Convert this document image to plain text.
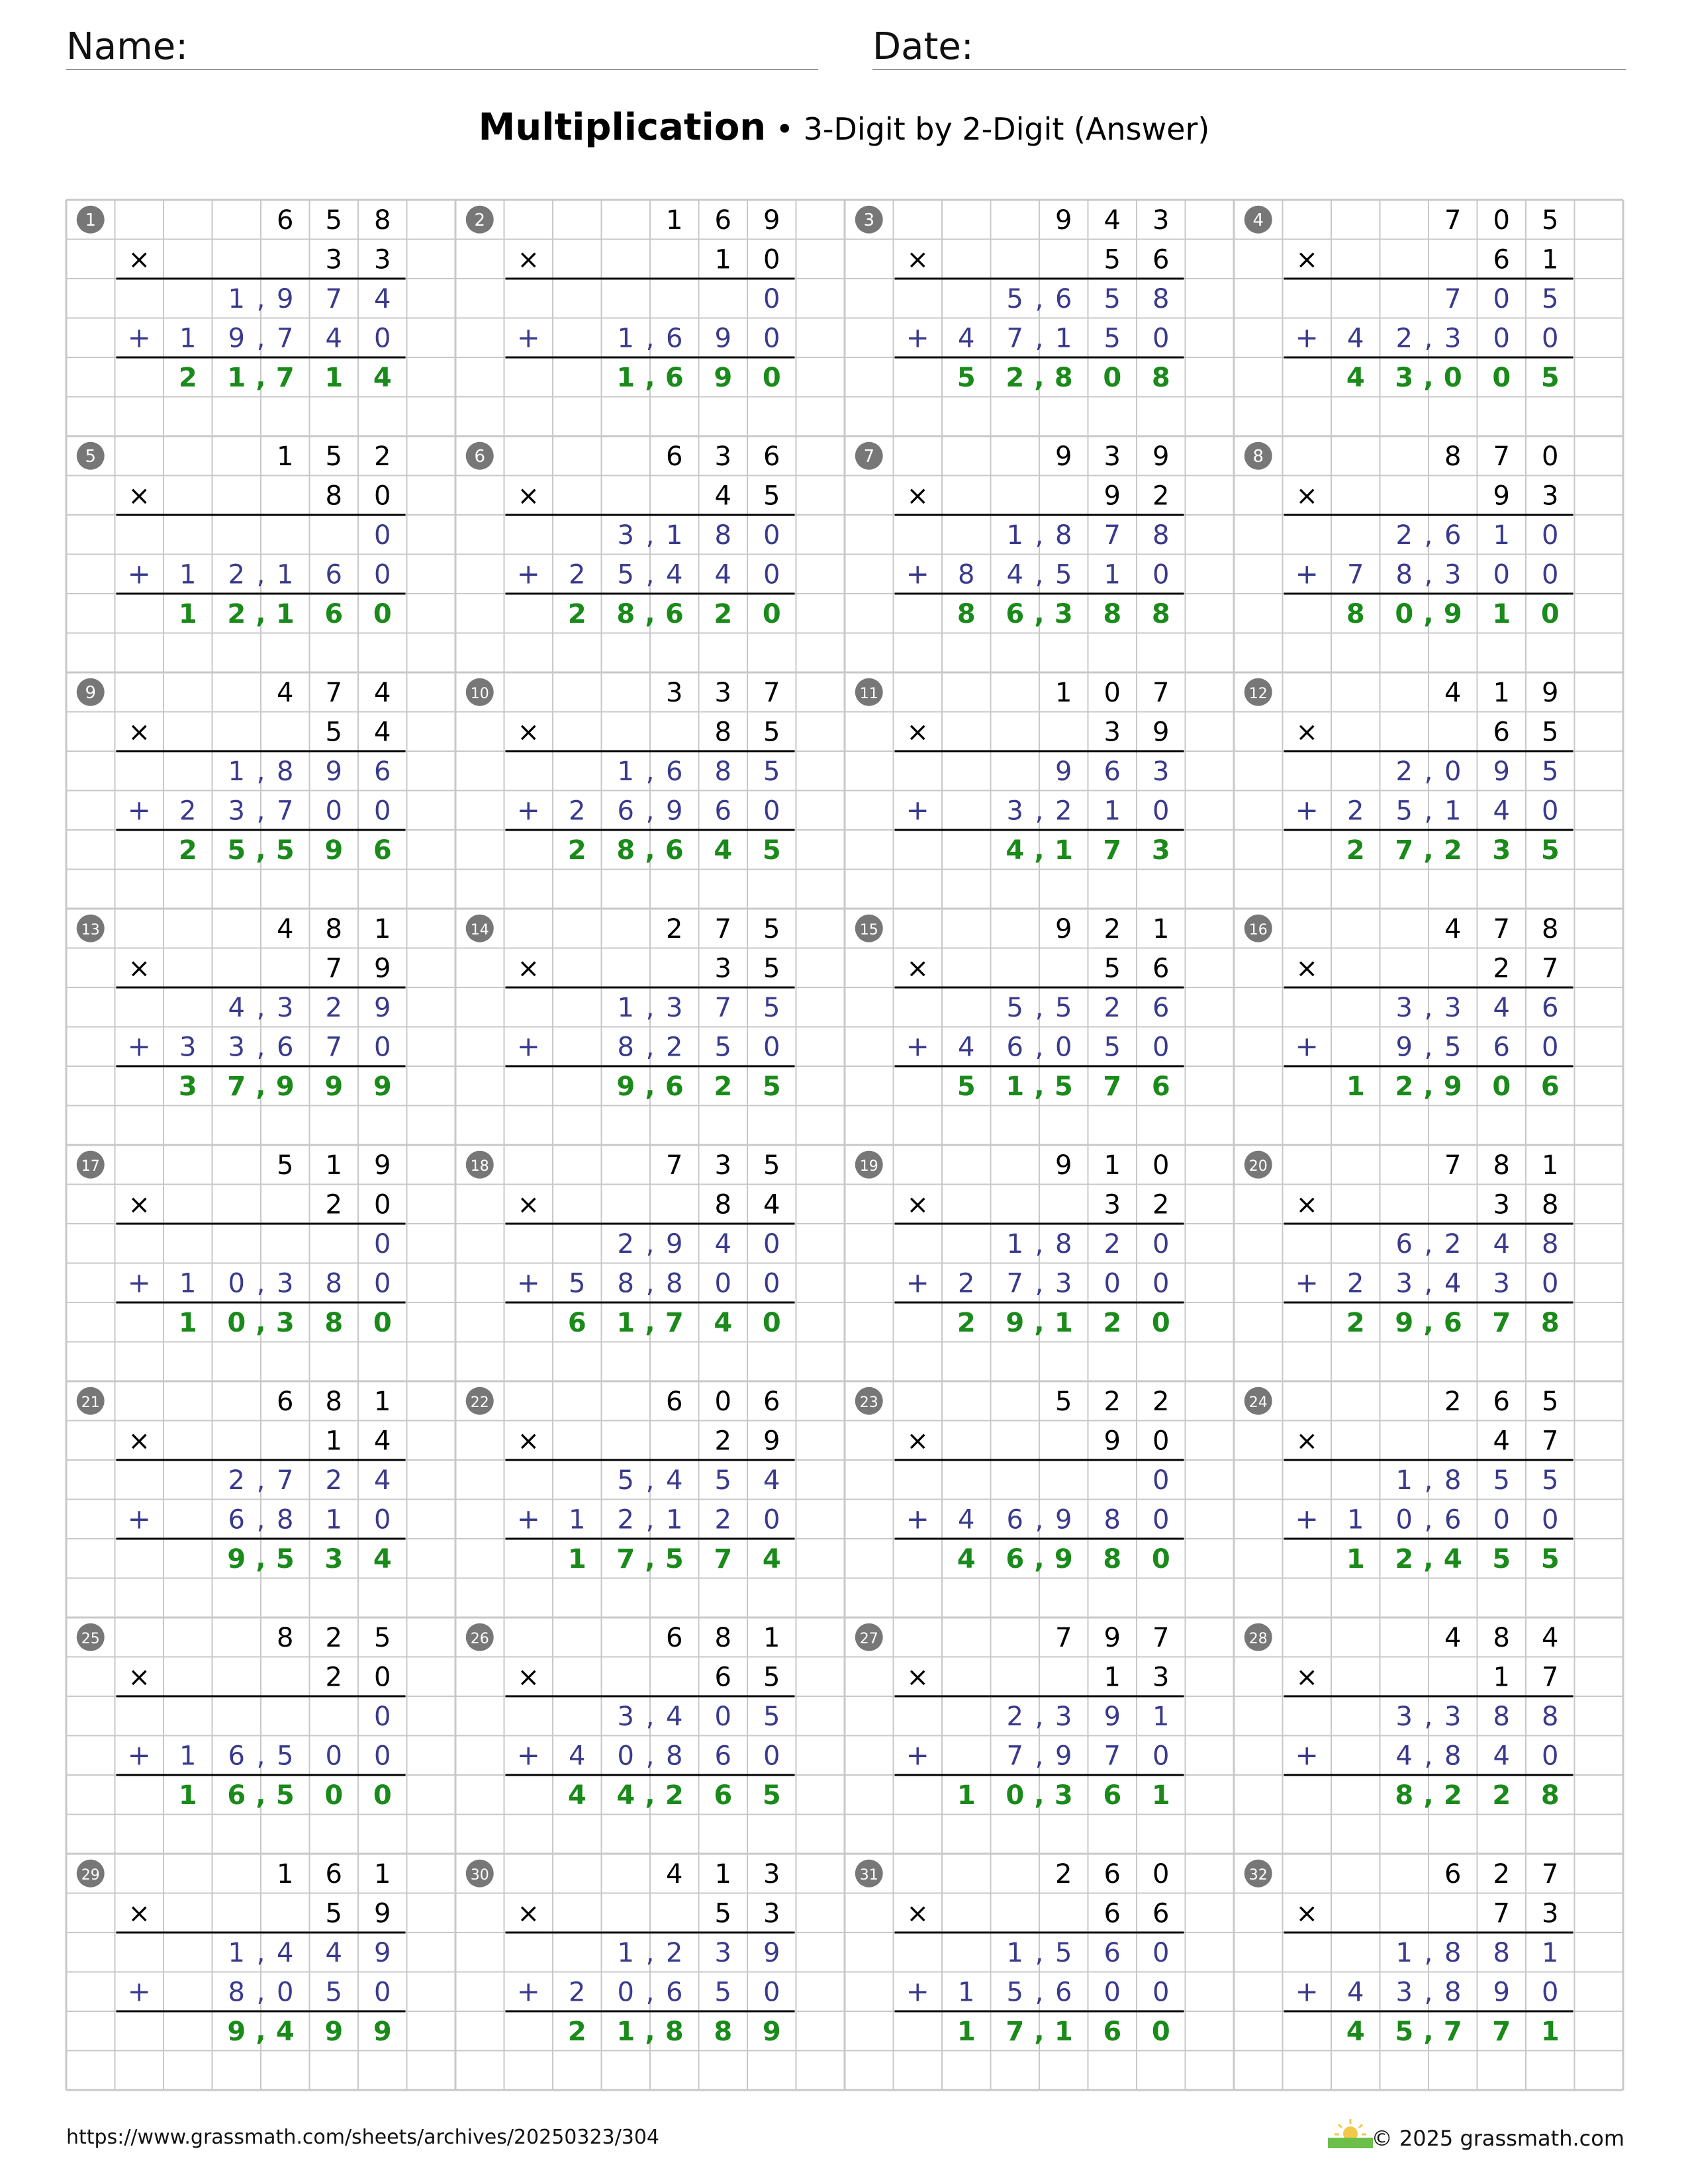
Name:	Date:
Multiplication • 3-Digit by 2-Digit (Answer)
1	6 5 8
×	3 3
1 , 9 7 4
+ 1 9 , 7 4 0
2 1 , 7 1 4
2	1 6 9
×	1 0
0
+	1 , 6 9 0
1 , 6 9 0
3	9 4 3
×	5 6
5 , 6 5 8
+ 4 7 , 1 5 0
5 2 , 8 0 8
4	7 0 5
×	6 1
7 0 5
+ 4 2 , 3 0 0
4 3 , 0 0 5
5	1 5 2
×	8 0
0
+ 1 2 , 1 6 0
1 2 , 1 6 0
6	6 3 6
×	4 5
3 , 1 8 0
+ 2 5 , 4 4 0
2 8 , 6 2 0
7	9 3 9
×	9 2
1 , 8 7 8
+ 8 4 , 5 1 0
8 6 , 3 8 8
8	8 7 0
×	9 3
2 , 6 1 0
+ 7 8 , 3 0 0
8 0 , 9 1 0
9	4 7 4
×	5 4
1 , 8 9 6
+ 2 3 , 7 0 0
2 5 , 5 9 6
10	3 3 7
×	8 5
1 , 6 8 5
+ 2 6 , 9 6 0
2 8 , 6 4 5
11	1 0 7
×	3 9
9 6 3
+	3 , 2 1 0
4 , 1 7 3
12	4 1 9
×	6 5
2 , 0 9 5
+ 2 5 , 1 4 0
2 7 , 2 3 5
13	4 8 1
×	7 9
4 , 3 2 9
+ 3 3 , 6 7 0
3 7 , 9 9 9
14	2 7 5
×	3 5
1 , 3 7 5
+	8 , 2 5 0
9 , 6 2 5
15	9 2 1
×	5 6
5 , 5 2 6
+ 4 6 , 0 5 0
5 1 , 5 7 6
16	4 7 8
×	2 7
3 , 3 4 6
+	9 , 5 6 0
1 2 , 9 0 6
17	5 1 9
×	2 0
0
+ 1 0 , 3 8 0
1 0 , 3 8 0
18	7 3 5
×	8 4
2 , 9 4 0
+ 5 8 , 8 0 0
6 1 , 7 4 0
19	9 1 0
×	3 2
1 , 8 2 0
+ 2 7 , 3 0 0
2 9 , 1 2 0
20	7 8 1
×	3 8
6 , 2 4 8
+ 2 3 , 4 3 0
2 9 , 6 7 8
21	6 8 1
×	1 4
2 , 7 2 4
+	6 , 8 1 0
9 , 5 3 4
22	6 0 6
×	2 9
5 , 4 5 4
+ 1 2 , 1 2 0
1 7 , 5 7 4
23	5 2 2
×	9 0
0
+ 4 6 , 9 8 0
4 6 , 9 8 0
24	2 6 5
×	4 7
1 , 8 5 5
+ 1 0 , 6 0 0
1 2 , 4 5 5
25	8 2 5
×	2 0
0
+ 1 6 , 5 0 0
1 6 , 5 0 0
26	6 8 1
×	6 5
3 , 4 0 5
+ 4 0 , 8 6 0
4 4 , 2 6 5
27	7 9 7
×	1 3
2 , 3 9 1
+	7 , 9 7 0
1 0 , 3 6 1
28	4 8 4
×	1 7
3 , 3 8 8
+	4 , 8 4 0
8 , 2 2 8
29	1 6 1
×	5 9
1 , 4 4 9
+	8 , 0 5 0
9 , 4 9 9
30	4 1 3
×	5 3
1 , 2 3 9
+ 2 0 , 6 5 0
2 1 , 8 8 9
31	2 6 0
×	6 6
1 , 5 6 0
+ 1 5 , 6 0 0
1 7 , 1 6 0
32	6 2 7
×	7 3
1 , 8 8 1
+ 4 3 , 8 9 0
4 5 , 7 7 1
https://www.grassmath.com/sheets/archives/20250323/304	© 2025 grassmath.com
